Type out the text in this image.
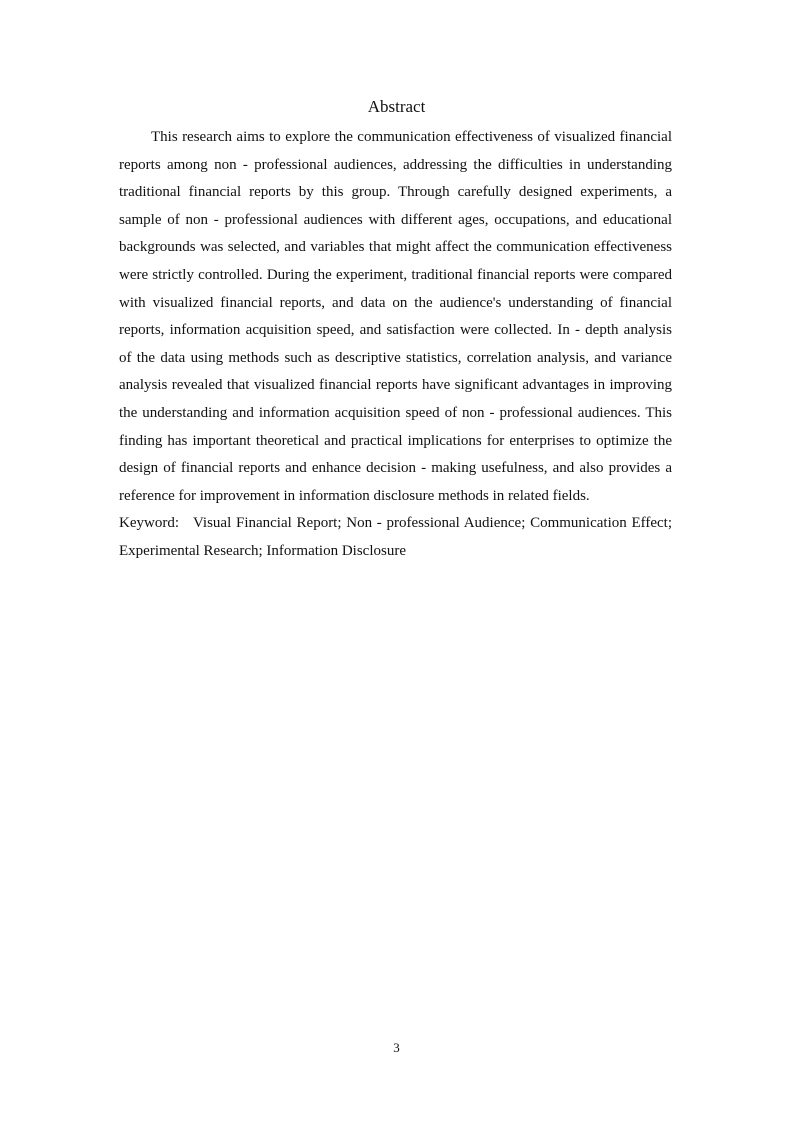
Abstract

This research aims to explore the communication effectiveness of visualized financial reports among non - professional audiences, addressing the difficulties in understanding traditional financial reports by this group. Through carefully designed experiments, a sample of non - professional audiences with different ages, occupations, and educational backgrounds was selected, and variables that might affect the communication effectiveness were strictly controlled. During the experiment, traditional financial reports were compared with visualized financial reports, and data on the audience's understanding of financial reports, information acquisition speed, and satisfaction were collected. In - depth analysis of the data using methods such as descriptive statistics, correlation analysis, and variance analysis revealed that visualized financial reports have significant advantages in improving the understanding and information acquisition speed of non - professional audiences. This finding has important theoretical and practical implications for enterprises to optimize the design of financial reports and enhance decision - making usefulness, and also provides a reference for improvement in information disclosure methods in related fields.

Keyword: Visual Financial Report; Non - professional Audience; Communication Effect; Experimental Research; Information Disclosure

3
